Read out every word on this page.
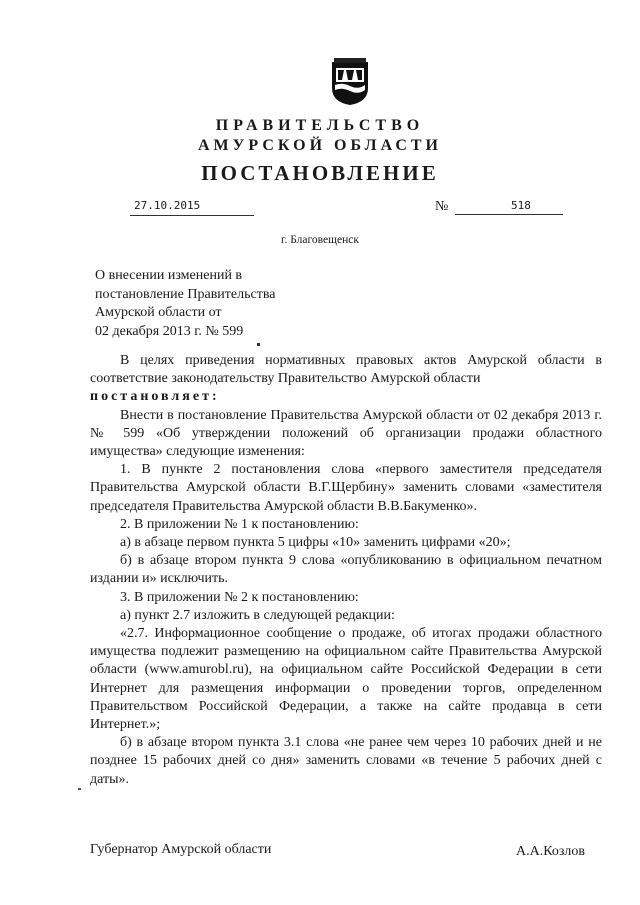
ПРАВИТЕЛЬСТВО
АМУРСКОЙ ОБЛАСТИ
ПОСТАНОВЛЕНИЕ
27.10.2015	№	518
г. Благовещенск
О внесении изменений в
постановление Правительства
Амурской области от
02 декабря 2013 г. № 599

В целях приведения нормативных правовых актов Амурской области в соответствие законодательству Правительство Амурской области

постановляет:

Внести в постановление Правительства Амурской области от 02 декабря 2013 г. № 599 «Об утверждении положений об организации продажи областного имущества» следующие изменения:

1. В пункте 2 постановления слова «первого заместителя председателя Правительства Амурской области В.Г.Щербину» заменить словами «заместителя председателя Правительства Амурской области В.В.Бакуменко».

2. В приложении № 1 к постановлению:

а) в абзаце первом пункта 5 цифры «10» заменить цифрами «20»;

б) в абзаце втором пункта 9 слова «опубликованию в официальном печатном издании и» исключить.

3. В приложении № 2 к постановлению:

а) пункт 2.7 изложить в следующей редакции:

«2.7. Информационное сообщение о продаже, об итогах продажи областного имущества подлежит размещению на официальном сайте Правительства Амурской области (www.amurobl.ru), на официальном сайте Российской Федерации в сети Интернет для размещения информации о проведении торгов, определенном Правительством Российской Федерации, а также на сайте продавца в сети Интернет.»;

б) в абзаце втором пункта 3.1 слова «не ранее чем через 10 рабочих дней и не позднее 15 рабочих дней со дня» заменить словами «в течение 5 рабочих дней с даты».

Губернатор Амурской области	А.А.Козлов
